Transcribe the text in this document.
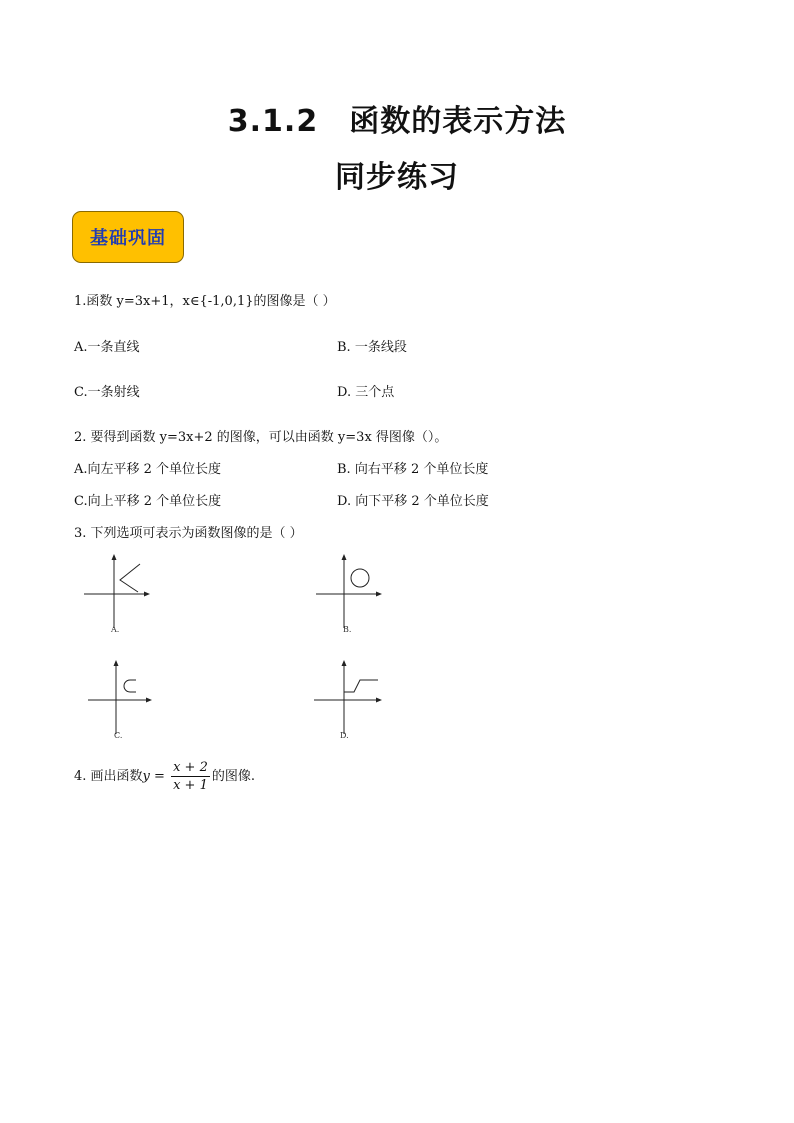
3.1.2　函数的表示方法
同步练习
基础巩固
1.函数 y=3x+1，x∈{-1,0,1}的图像是（ ）
A.一条直线	B. 一条线段
C.一条射线	D. 三个点
2. 要得到函数 y=3x+2 的图像，可以由函数 y=3x 得图像（）。
A.向左平移 2 个单位长度	B. 向右平移 2 个单位长度
C.向上平移 2 个单位长度	D. 向下平移 2 个单位长度
3. 下列选项可表示为函数图像的是（ ）
A.	B.
C.	D.
4. 画出函数$y = \frac{x + 2}{x + 1}$ 的图像.
